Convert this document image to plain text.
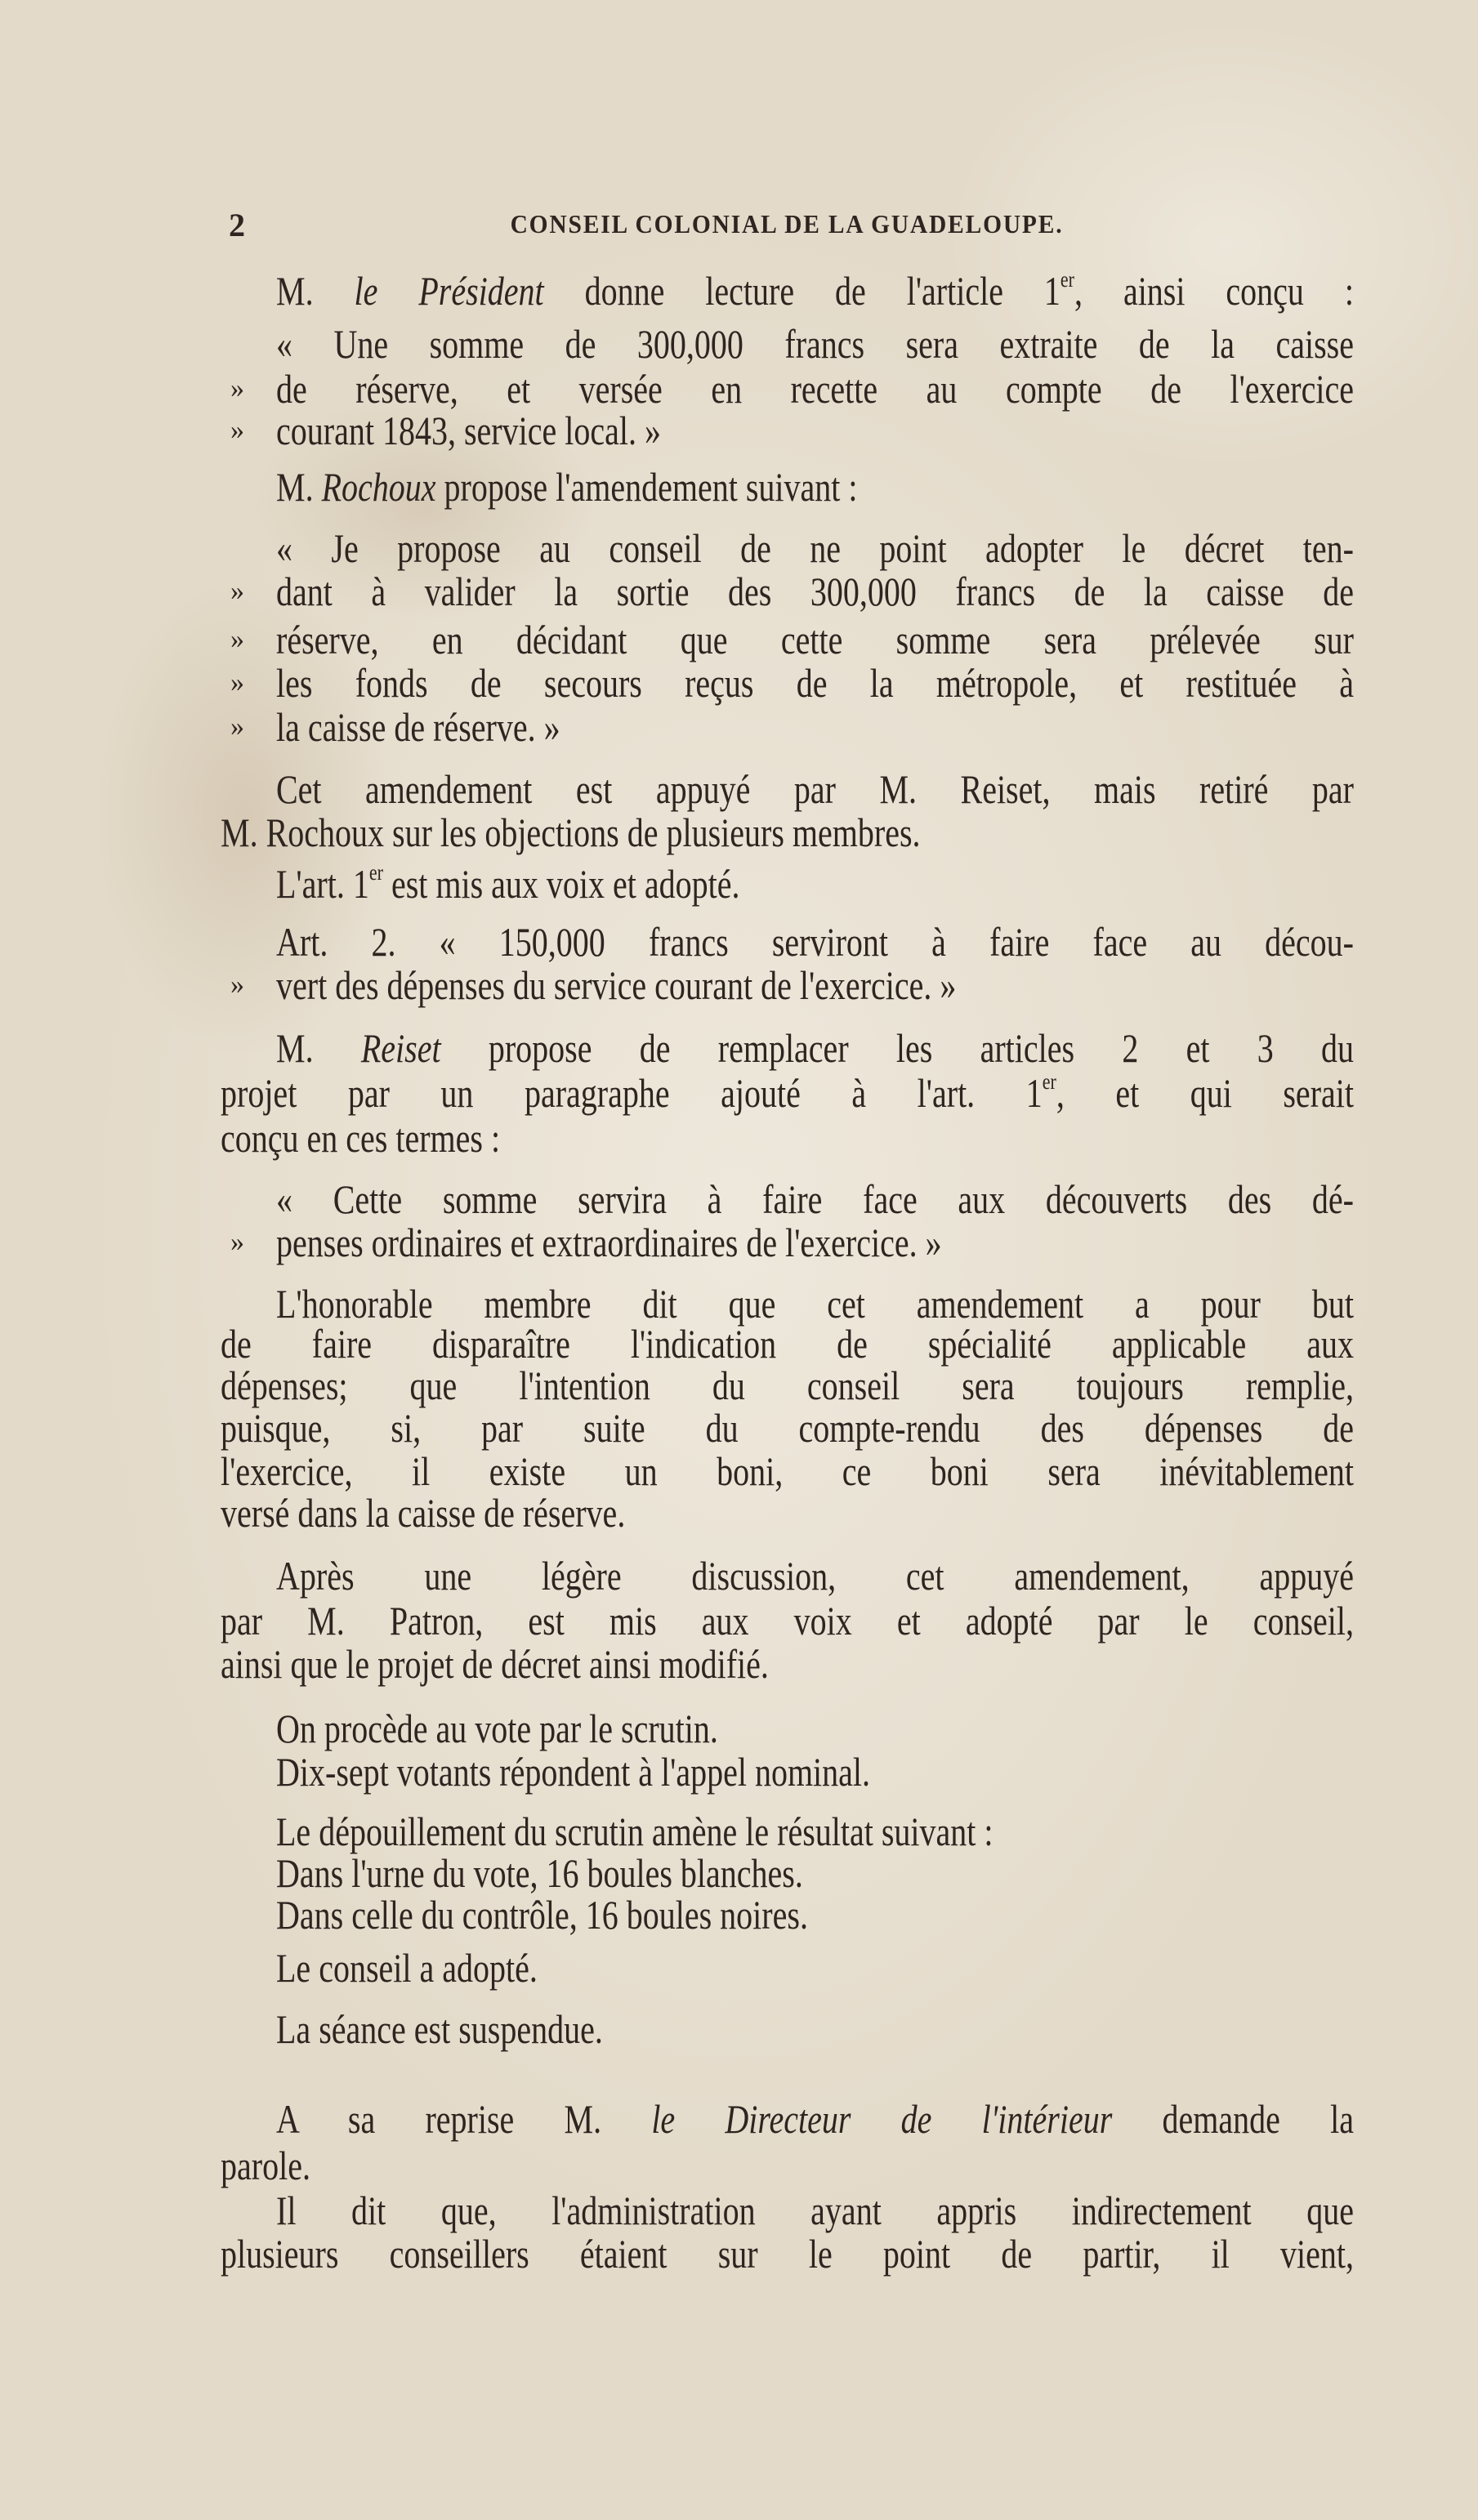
2	CONSEIL COLONIAL DE LA GUADELOUPE.
M. le Président donne lecture de l'article 1er, ainsi conçu :
« Une somme de 300,000 francs sera extraite de la caisse
» de réserve, et versée en recette au compte de l'exercice
» courant 1843, service local. »
M. Rochoux propose l'amendement suivant :
« Je propose au conseil de ne point adopter le décret ten-
» dant à valider la sortie des 300,000 francs de la caisse de
» réserve, en décidant que cette somme sera prélevée sur
» les fonds de secours reçus de la métropole, et restituée à
» la caisse de réserve. »
Cet amendement est appuyé par M. Reiset, mais retiré par
M. Rochoux sur les objections de plusieurs membres.
L'art. 1er est mis aux voix et adopté.
Art. 2. « 150,000 francs serviront à faire face au décou-
» vert des dépenses du service courant de l'exercice. »
M. Reiset propose de remplacer les articles 2 et 3 du
projet par un paragraphe ajouté à l'art. 1er, et qui serait
conçu en ces termes :
« Cette somme servira à faire face aux découverts des dé-
» penses ordinaires et extraordinaires de l'exercice. »
L'honorable membre dit que cet amendement a pour but
de faire disparaître l'indication de spécialité applicable aux
dépenses; que l'intention du conseil sera toujours remplie,
puisque, si, par suite du compte-rendu des dépenses de
l'exercice, il existe un boni, ce boni sera inévitablement
versé dans la caisse de réserve.
Après une légère discussion, cet amendement, appuyé
par M. Patron, est mis aux voix et adopté par le conseil,
ainsi que le projet de décret ainsi modifié.
On procède au vote par le scrutin.
Dix-sept votants répondent à l'appel nominal.
Le dépouillement du scrutin amène le résultat suivant :
Dans l'urne du vote, 16 boules blanches.
Dans celle du contrôle, 16 boules noires.
Le conseil a adopté.
La séance est suspendue.
A sa reprise M. le Directeur de l'intérieur demande la
parole.
Il dit que, l'administration ayant appris indirectement que
plusieurs conseillers étaient sur le point de partir, il vient,
